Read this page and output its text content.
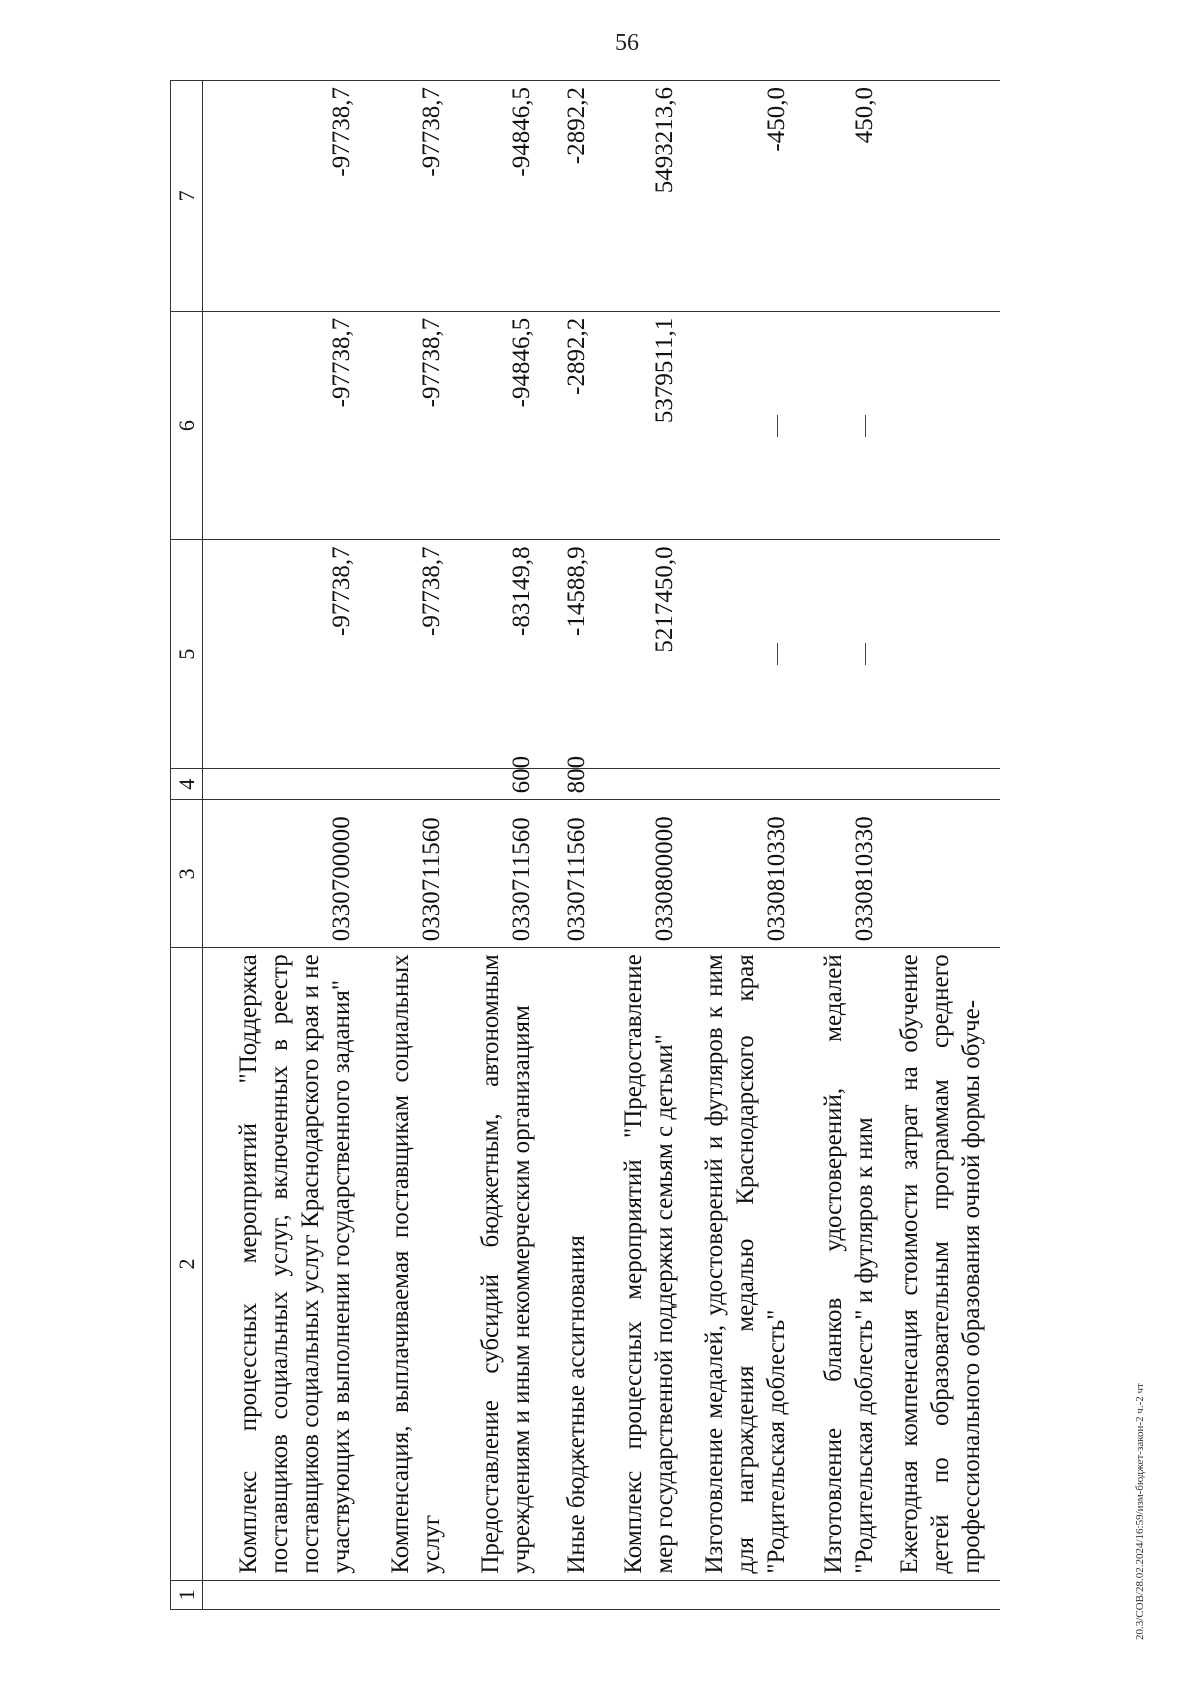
56
1	2	3	4	5	6	7
	Комплекс процессных мероприятий "Поддержка поставщиков социальных услуг, включенных в реестр поставщиков социальных услуг Краснодарского края и не участвующих в выполнении государственного задания"	0330700000		-97738,7	-97738,7	-97738,7
	Компенсация, выплачиваемая поставщикам социальных услуг	0330711560		-97738,7	-97738,7	-97738,7
	Предоставление субсидий бюджетным, автономным учреждениям и иным некоммерческим организациям	0330711560	600	-83149,8	-94846,5	-94846,5
	Иные бюджетные ассигнования	0330711560	800	-14588,9	-2892,2	-2892,2
	Комплекс процессных мероприятий "Предоставление мер государственной поддержки семьям с детьми"	0330800000		5217450,0	5379511,1	5493213,6
	Изготовление медалей, удостоверений и футляров к ним для награждения медалью Краснодарского края "Родительская доблесть"	0330810330				-450,0
	Изготовление бланков удостоверений, медалей "Родительская доблесть" и футляров к ним	0330810330				450,0
	Ежегодная компенсация стоимости затрат на обучение детей по образовательным программам среднего профессионального образования очной формы обуче-						20.3/СОВ/28.02.2024/16:59/изм-бюджет-закон-2 ч.-2 чт
